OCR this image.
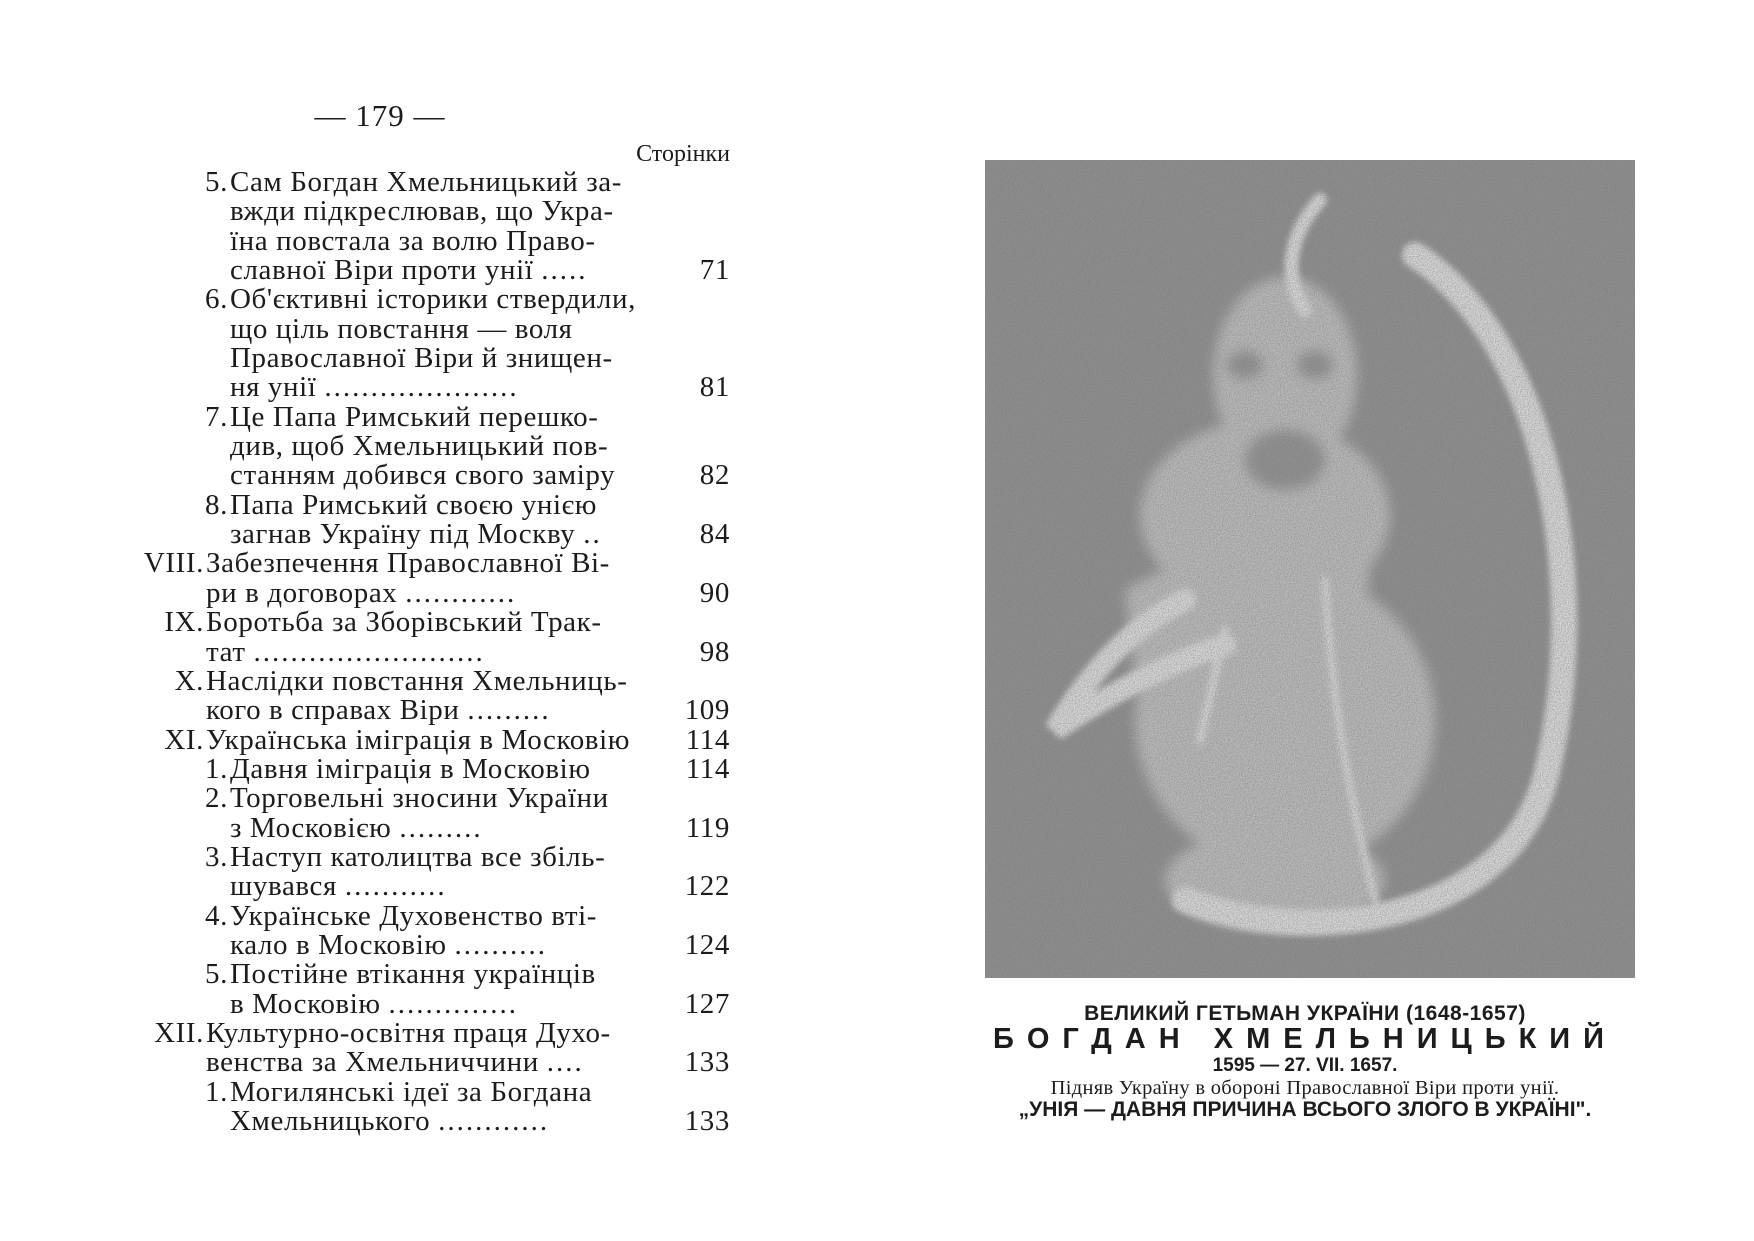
— 179 —
Сторінки
5. Сам Богдан Хмельницький за-
вжди підкреслював, що Укра-
їна повстала за волю Право-
славної Віри проти унії .....	71
6. Об'єктивні історики ствердили,
що ціль повстання — воля
Православної Віри й знищен-
ня унії .....................	81
7. Це Папа Римський перешко-
див, щоб Хмельницький пов-
станням добився свого заміру	82
8. Папа Римський своєю унією
загнав Україну під Москву ..	84
VIII. Забезпечення Православної Ві-
ри в договорах ............	90
IX. Боротьба за Зборівський Трак-
тат .........................	98
X. Наслідки повстання Хмельниць-
кого в справах Віри .........	109
XI. Українська імігpація в Московію 114
1. Давня імігpація в Московію	114
2. Торговельні зносини України
з Московією .........	119
3. Наступ католицтва все збіль-
шувався ...........	122
4. Українське Духовенство вті-
кало в Московію ..........	124
5. Постійне втікання українців
в Московію ..............	127
XII. Культурно-освітня праця Духо-
венства за Хмельниччини ....	133
1. Могилянські ідеї за Богдана
Хмельницького ............	133
ВЕЛИКИЙ ГЕТЬМАН УКРАЇНИ (1648-1657)
БОГДАН ХМЕЛЬНИЦЬКИЙ
1595 — 27. VII. 1657.
Підняв Україну в обороні Православної Віри проти унії.
„УНІЯ — ДАВНЯ ПРИЧИНА ВСЬОГО ЗЛОГО В УКРАЇНІ".
